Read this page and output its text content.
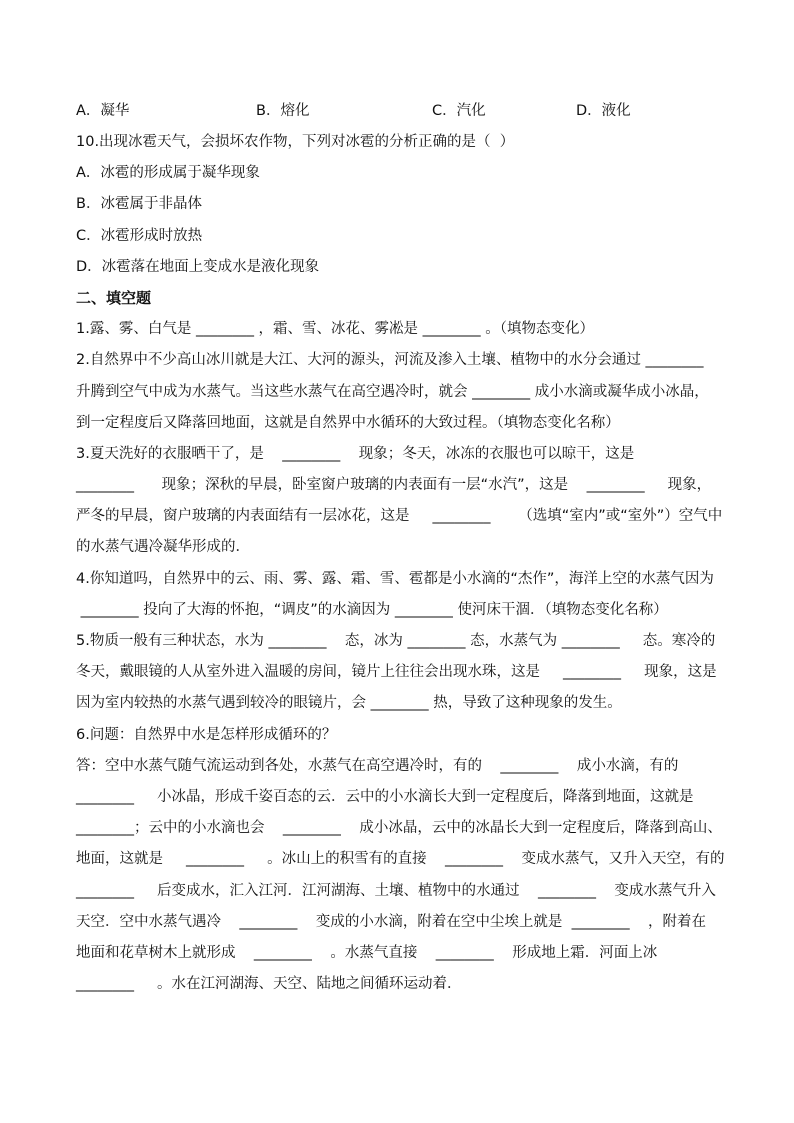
A．凝华	B．熔化	C．汽化	D．液化
10.出现冰雹天气，会损坏农作物，下列对冰雹的分析正确的是（  ）
A．冰雹的形成属于凝华现象
B．冰雹属于非晶体
C．冰雹形成时放热
D．冰雹落在地面上变成水是液化现象
二、填空题
1.露、雾、白气是 ________ ，霜、雪、冰花、雾凇是 ________ 。（填物态变化）
2.自然界中不少高山冰川就是大江、大河的源头，河流及渗入土壤、植物中的水分会通过 ________
升腾到空气中成为水蒸气。当这些水蒸气在高空遇冷时，就会 ________ 成小水滴或凝华成小冰晶，
到一定程度后又降落回地面，这就是自然界中水循环的大致过程。（填物态变化名称）
3.夏天洗好的衣服晒干了，是    ________    现象；冬天，冰冻的衣服也可以晾干，这是
________      现象；深秋的早晨，卧室窗户玻璃的内表面有一层“水汽”，这是    ________     现象，
严冬的早晨，窗户玻璃的内表面结有一层冰花，这是     ________      （选填“室内”或“室外”）空气中
的水蒸气遇冷凝华形成的．
4.你知道吗，自然界中的云、雨、雾、露、霜、雪、雹都是小水滴的“杰作”，海洋上空的水蒸气因为
________ 投向了大海的怀抱，“调皮”的水滴因为 ________ 使河床干涸．（填物态变化名称）
5.物质一般有三种状态，水为 ________    态，冰为 ________ 态，水蒸气为 ________     态。寒冷的
冬天，戴眼镜的人从室外进入温暖的房间，镜片上往往会出现水珠，这是     ________     现象，这是
因为室内较热的水蒸气遇到较冷的眼镜片，会 ________ 热，导致了这种现象的发生。
6.问题：自然界中水是怎样形成循环的？
答：空中水蒸气随气流运动到各处，水蒸气在高空遇冷时，有的    ________    成小水滴，有的
________     小冰晶，形成千姿百态的云．云中的小水滴长大到一定程度后，降落到地面，这就是
________；云中的小水滴也会    ________    成小冰晶，云中的冰晶长大到一定程度后，降落到高山、
地面，这就是     ________     。冰山上的积雪有的直接    ________    变成水蒸气，又升入天空，有的
________     后变成水，汇入江河．江河湖海、土壤、植物中的水通过    ________    变成水蒸气升入
天空．空中水蒸气遇冷    ________    变成的小水滴，附着在空中尘埃上就是  ________    ，附着在
地面和花草树木上就形成    ________    。水蒸气直接    ________    形成地上霜．河面上冰
________     。水在江河湖海、天空、陆地之间循环运动着．
